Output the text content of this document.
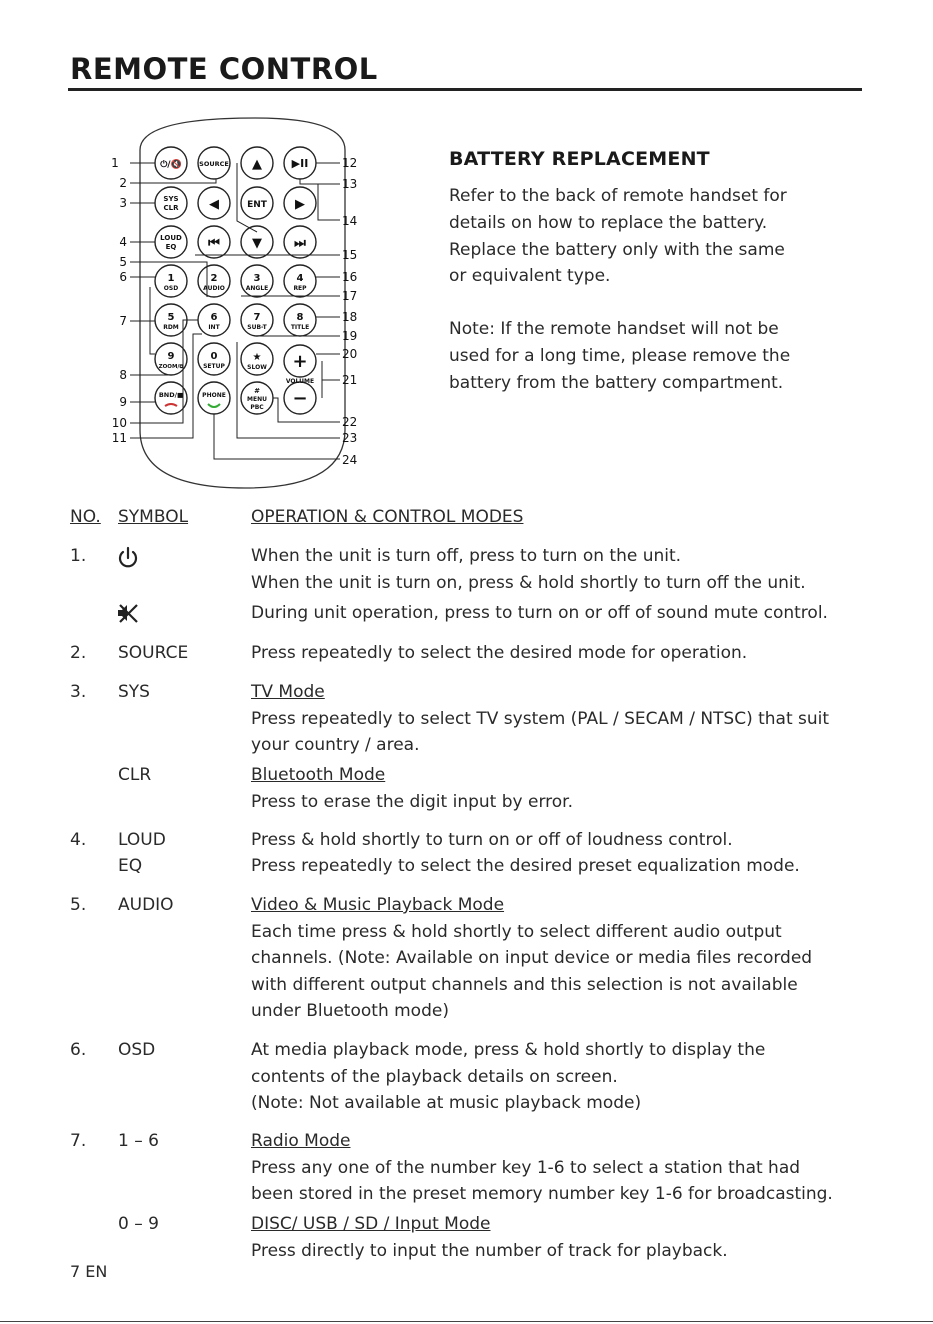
REMOTE CONTROL
⏻/🔇	SOURCE ▲	▶II
SYS
CLR ◀	ENT ▶
LOUD
EQ ⏮ ▼ ⏭
1
OSD
2
AUDIO
3
ANGLE
4
REP
5
RDM
6
INT
7
SUB-T
8
TITLE
9
ZOOM/⧉
0
SETUP
★
SLOW +
VOLUME
−
BND/■	PHONE
#
MENU
PBC
1
2
3
4
5
6
7
8
9
10
11
12
13
14
15
16
17
18
19
20
21
22
23
24
BATTERY REPLACEMENT

Refer to the back of remote handset for
details on how to replace the battery.
Replace the battery only with the same
or equivalent type.

Note: If the remote handset will not be
used for a long time, please remove the
battery from the battery compartment.

NO. SYMBOL	OPERATION & CONTROL MODES
1.	When the unit is turn off, press to turn on the unit.
When the unit is turn on, press & hold shortly to turn off the unit.
During unit operation, press to turn on or off of sound mute control.
2. SOURCE	Press repeatedly to select the desired mode for operation.
3. SYS	TV Mode
Press repeatedly to select TV system (PAL / SECAM / NTSC) that suit
your country / area.
CLR	Bluetooth Mode
Press to erase the digit input by error.
4. LOUD	Press & hold shortly to turn on or off of loudness control.
EQ	Press repeatedly to select the desired preset equalization mode.
5. AUDIO	Video & Music Playback Mode
Each time press & hold shortly to select different audio output
channels. (Note: Available on input device or media files recorded
with different output channels and this selection is not available
under Bluetooth mode)
6. OSD	At media playback mode, press & hold shortly to display the
contents of the playback details on screen.
(Note: Not available at music playback mode)
7. 1 – 6	Radio Mode
Press any one of the number key 1-6 to select a station that had
been stored in the preset memory number key 1-6 for broadcasting.
0 – 9	DISC/ USB / SD / Input Mode
Press directly to input the number of track for playback.
7 EN
